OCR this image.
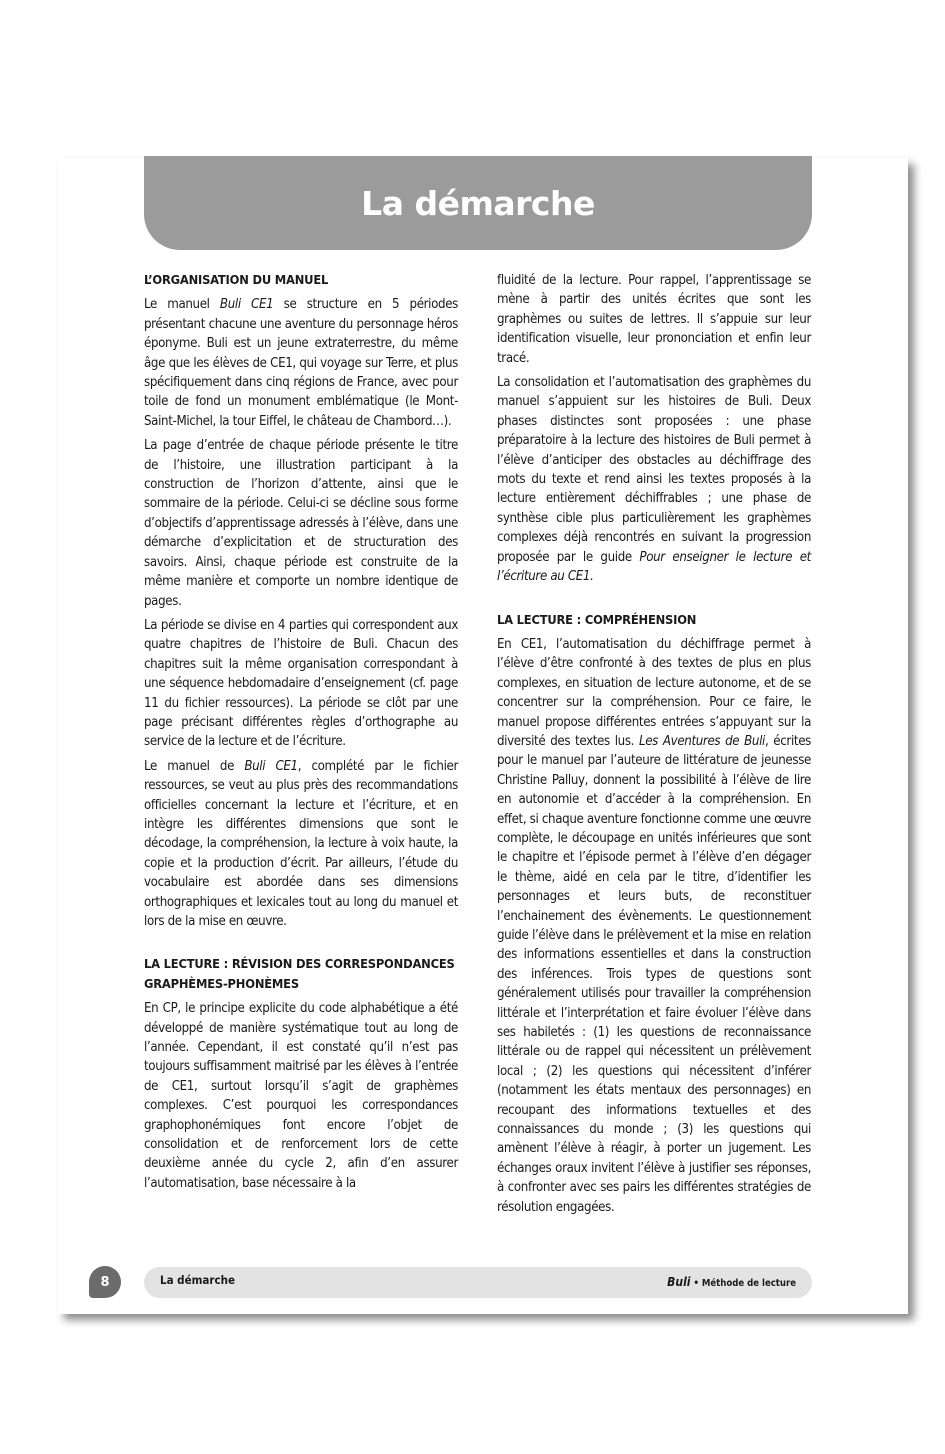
La démarche
L’ORGANISATION DU MANUEL

Le manuel Buli CE1 se structure en 5 périodes présentant chacune une aventure du personnage héros éponyme. Buli est un jeune extraterrestre, du même âge que les élèves de CE1, qui voyage sur Terre, et plus spécifiquement dans cinq régions de France, avec pour toile de fond un monument emblématique (le Mont-Saint-Michel, la tour Eiffel, le château de Chambord…).

La page d’entrée de chaque période présente le titre de l’histoire, une illustration participant à la construction de l’horizon d’attente, ainsi que le sommaire de la période. Celui-ci se décline sous forme d’objectifs d’apprentissage adressés à l’élève, dans une démarche d’explicitation et de structuration des savoirs. Ainsi, chaque période est construite de la même manière et comporte un nombre identique de pages.

La période se divise en 4 parties qui correspondent aux quatre chapitres de l’histoire de Buli. Chacun des chapitres suit la même organisation correspondant à une séquence hebdomadaire d’enseignement (cf. page 11 du fichier ressources). La période se clôt par une page précisant différentes règles d’orthographe au service de la lecture et de l’écriture.

Le manuel de Buli CE1, complété par le fichier ressources, se veut au plus près des recommandations officielles concernant la lecture et l’écriture, et en intègre les différentes dimensions que sont le décodage, la compréhension, la lecture à voix haute, la copie et la production d’écrit. Par ailleurs, l’étude du vocabulaire est abordée dans ses dimensions orthographiques et lexicales tout au long du manuel et lors de la mise en œuvre.

LA LECTURE : RÉVISION DES CORRESPONDANCES GRAPHÈMES-PHONÈMES

En CP, le principe explicite du code alphabétique a été développé de manière systématique tout au long de l’année. Cependant, il est constaté qu’il n’est pas toujours suffisamment maitrisé par les élèves à l’entrée de CE1, surtout lorsqu’il s’agit de graphèmes complexes. C’est pourquoi les correspondances graphophonémiques font encore l’objet de consolidation et de renforcement lors de cette deuxième année du cycle 2, afin d’en assurer l’automatisation, base nécessaire à la

fluidité de la lecture. Pour rappel, l’apprentissage se mène à partir des unités écrites que sont les graphèmes ou suites de lettres. Il s’appuie sur leur identification visuelle, leur prononciation et enfin leur tracé.

La consolidation et l’automatisation des graphèmes du manuel s’appuient sur les histoires de Buli. Deux phases distinctes sont proposées : une phase préparatoire à la lecture des histoires de Buli permet à l’élève d’anticiper des obstacles au déchiffrage des mots du texte et rend ainsi les textes proposés à la lecture entièrement déchiffrables ; une phase de synthèse cible plus particulièrement les graphèmes complexes déjà rencontrés en suivant la progression proposée par le guide Pour enseigner le lecture et l’écriture au CE1.

LA LECTURE : COMPRÉHENSION

En CE1, l’automatisation du déchiffrage permet à l’élève d’être confronté à des textes de plus en plus complexes, en situation de lecture autonome, et de se concentrer sur la compréhension. Pour ce faire, le manuel propose différentes entrées s’appuyant sur la diversité des textes lus. Les Aventures de Buli, écrites pour le manuel par l’auteure de littérature de jeunesse Christine Palluy, donnent la possibilité à l’élève de lire en autonomie et d’accéder à la compréhension. En effet, si chaque aventure fonctionne comme une œuvre complète, le découpage en unités inférieures que sont le chapitre et l’épisode permet à l’élève d’en dégager le thème, aidé en cela par le titre, d’identifier les personnages et leurs buts, de reconstituer l’enchainement des évènements. Le questionnement guide l’élève dans le prélèvement et la mise en relation des informations essentielles et dans la construction des inférences. Trois types de questions sont généralement utilisés pour travailler la compréhension littérale et l’interprétation et faire évoluer l’élève dans ses habiletés : (1) les questions de reconnaissance littérale ou de rappel qui nécessitent un prélèvement local ; (2) les questions qui nécessitent d’inférer (notamment les états mentaux des personnages) en recoupant des informations textuelles et des connaissances du monde ; (3) les questions qui amènent l’élève à réagir, à porter un jugement. Les échanges oraux invitent l’élève à justifier ses réponses, à confronter avec ses pairs les différentes stratégies de résolution engagées.

8	La démarche	Buli • Méthode de lecture
